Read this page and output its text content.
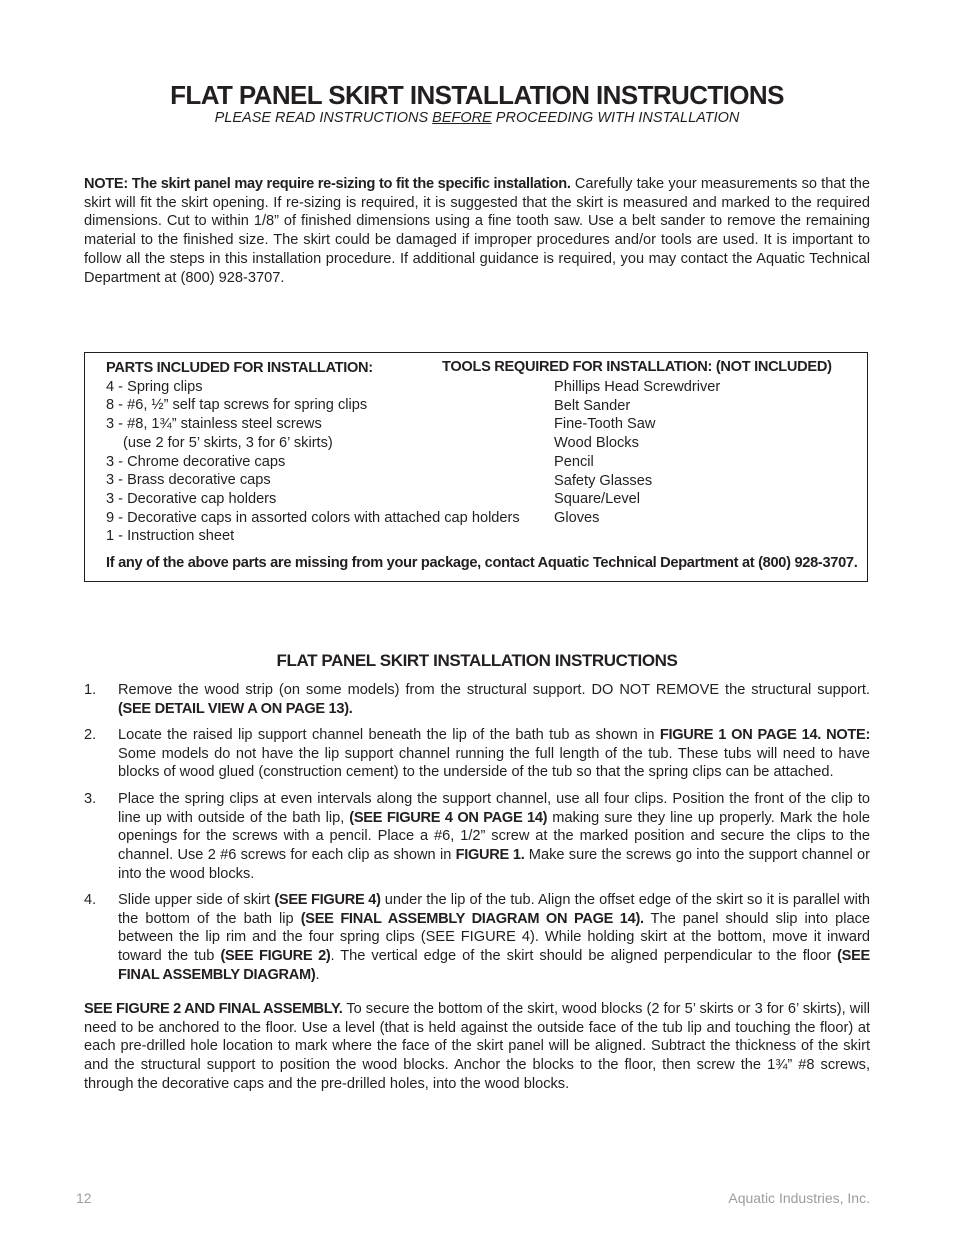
FLAT PANEL SKIRT INSTALLATION INSTRUCTIONS
PLEASE READ INSTRUCTIONS BEFORE PROCEEDING WITH INSTALLATION
NOTE: The skirt panel may require re-sizing to fit the specific installation. Carefully take your measurements so that the skirt will fit the skirt opening. If re-sizing is required, it is suggested that the skirt is measured and marked to the required dimensions. Cut to within 1/8” of finished dimensions using a fine tooth saw. Use a belt sander to remove the remaining material to the finished size. The skirt could be damaged if improper procedures and/or tools are used. It is important to follow all the steps in this installation procedure. If additional guidance is required, you may contact the Aquatic Technical Department at (800) 928-3707.
PARTS INCLUDED FOR INSTALLATION:
4 - Spring clips
8 - #6, ½” self tap screws for spring clips
3 - #8, 1¾” stainless steel screws
(use 2 for 5’ skirts, 3 for 6’ skirts)
3 - Chrome decorative caps
3 - Brass decorative caps
3 - Decorative cap holders
9 - Decorative caps in assorted colors with attached cap holders
1 - Instruction sheet
TOOLS REQUIRED FOR INSTALLATION: (NOT INCLUDED)
Phillips Head Screwdriver
Belt Sander
Fine-Tooth Saw
Wood Blocks
Pencil
Safety Glasses
Square/Level
Gloves
If any of the above parts are missing from your package, contact Aquatic Technical Department at (800) 928-3707.
FLAT PANEL SKIRT INSTALLATION INSTRUCTIONS
1. Remove the wood strip (on some models) from the structural support. DO NOT REMOVE the structural support. (SEE DETAIL VIEW A ON PAGE 13).
2. Locate the raised lip support channel beneath the lip of the bath tub as shown in FIGURE 1 ON PAGE 14. NOTE: Some models do not have the lip support channel running the full length of the tub. These tubs will need to have blocks of wood glued (construction cement) to the underside of the tub so that the spring clips can be attached.
3. Place the spring clips at even intervals along the support channel, use all four clips. Position the front of the clip to line up with outside of the bath lip, (SEE FIGURE 4 ON PAGE 14) making sure they line up properly. Mark the hole openings for the screws with a pencil. Place a #6, 1/2” screw at the marked position and secure the clips to the channel. Use 2 #6 screws for each clip as shown in FIGURE 1. Make sure the screws go into the support channel or into the wood blocks.
4. Slide upper side of skirt (SEE FIGURE 4) under the lip of the tub. Align the offset edge of the skirt so it is parallel with the bottom of the bath lip (SEE FINAL ASSEMBLY DIAGRAM ON PAGE 14). The panel should slip into place between the lip rim and the four spring clips (SEE FIGURE 4). While holding skirt at the bottom, move it inward toward the tub (SEE FIGURE 2). The vertical edge of the skirt should be aligned perpendicular to the floor (SEE FINAL ASSEMBLY DIAGRAM).
SEE FIGURE 2 AND FINAL ASSEMBLY. To secure the bottom of the skirt, wood blocks (2 for 5’ skirts or 3 for 6’ skirts), will need to be anchored to the floor. Use a level (that is held against the outside face of the tub lip and touching the floor) at each pre-drilled hole location to mark where the face of the skirt panel will be aligned. Subtract the thickness of the skirt and the structural support to position the wood blocks. Anchor the blocks to the floor, then screw the 1¾” #8 screws, through the decorative caps and the pre-drilled holes, into the wood blocks.
12	Aquatic Industries, Inc.
